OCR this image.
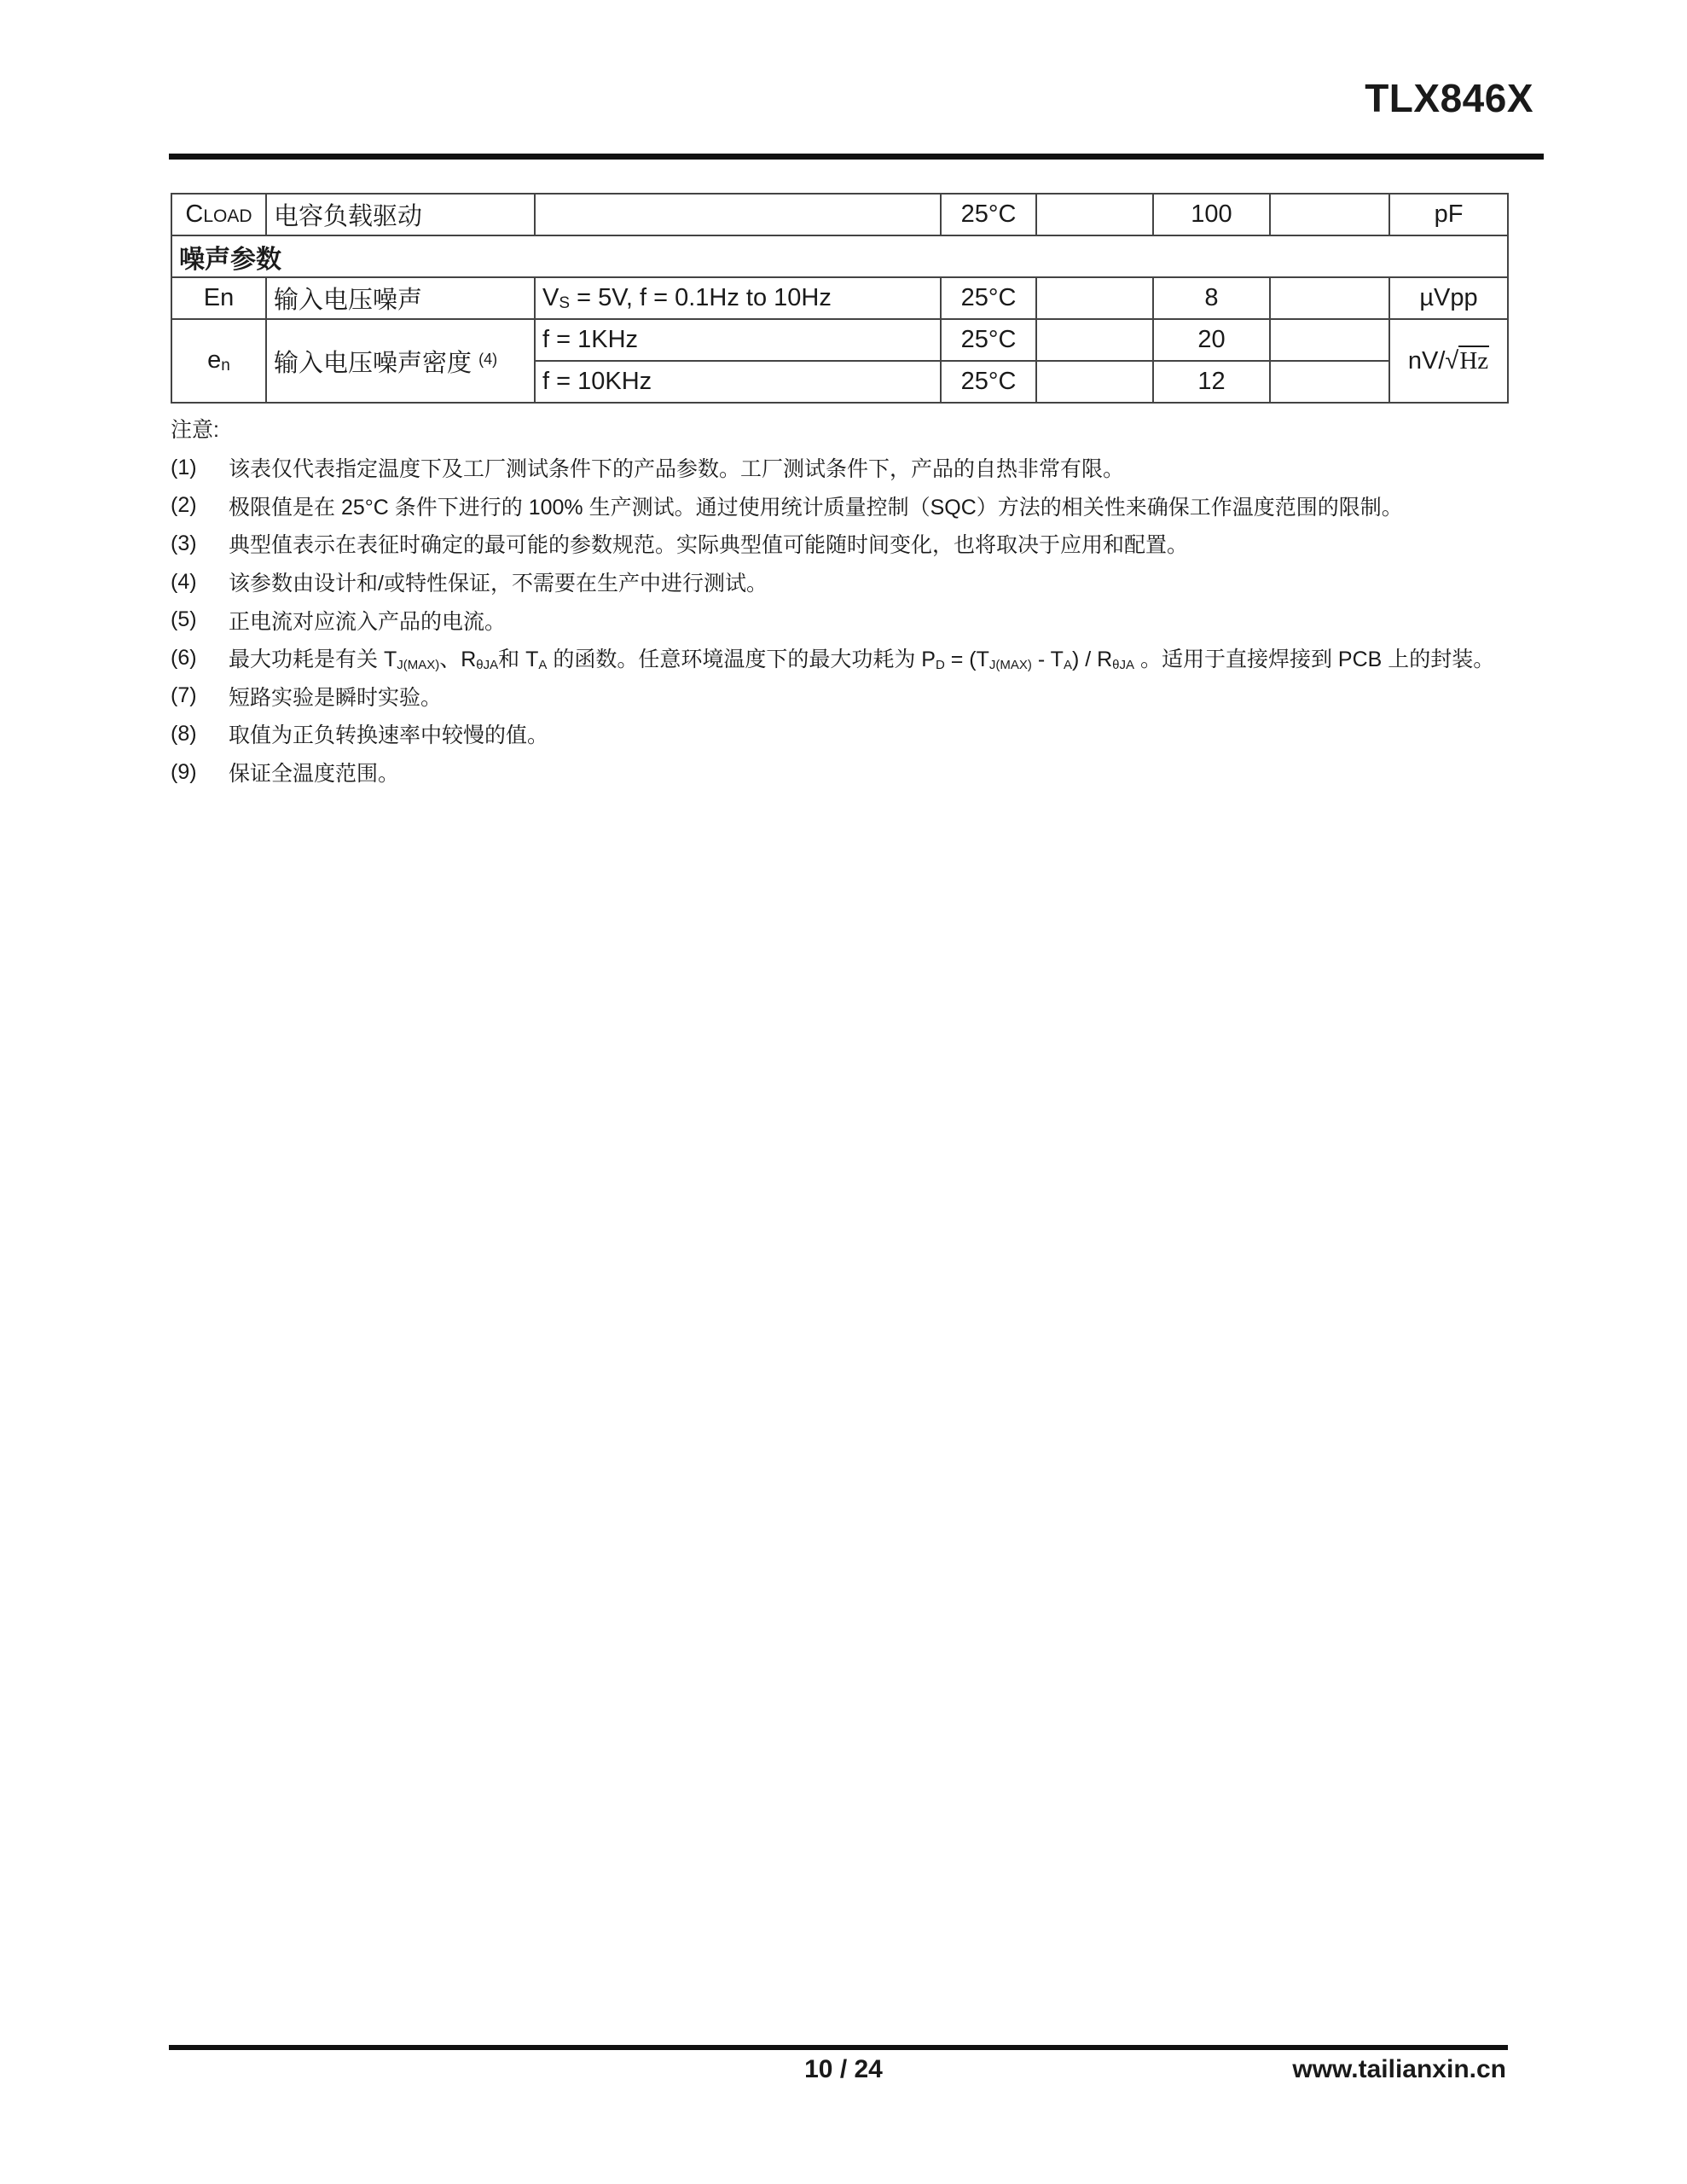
TLX846X
CLOAD	电容负载驱动		25°C		100		pF
噪声参数							
En	输入电压噪声	$V_S = 5V$, f = 0.1Hz to 10Hz	25°C		8		µVpp
$e_n$	输入电压噪声密度 $^{(4)}$	f = 1KHz	25°C		20		nV/√Hz
		f = 10KHz	25°C		12		
注意:
(1)	该表仅代表指定温度下及工厂测试条件下的产品参数。工厂测试条件下，产品的自热非常有限。
(2)	极限值是在 25°C 条件下进行的 100% 生产测试。通过使用统计质量控制（SQC）方法的相关性来确保工作温度范围的限制。
(3)	典型值表示在表征时确定的最可能的参数规范。实际典型值可能随时间变化，也将取决于应用和配置。
(4)	该参数由设计和/或特性保证，不需要在生产中进行测试。
(5)	正电流对应流入产品的电流。
(6)	最大功耗是有关 $T_{J(MAX)}$、$R_{\theta JA}$和 $T_A$ 的函数。任意环境温度下的最大功耗为 $P_D = (T_{J(MAX)} - T_A) / R_{\theta JA}$ 。适用于直接焊接到 PCB 上的封装。
(7)	短路实验是瞬时实验。
(8)	取值为正负转换速率中较慢的值。
(9)	保证全温度范围。
10 / 24	www.tailianxin.cn
